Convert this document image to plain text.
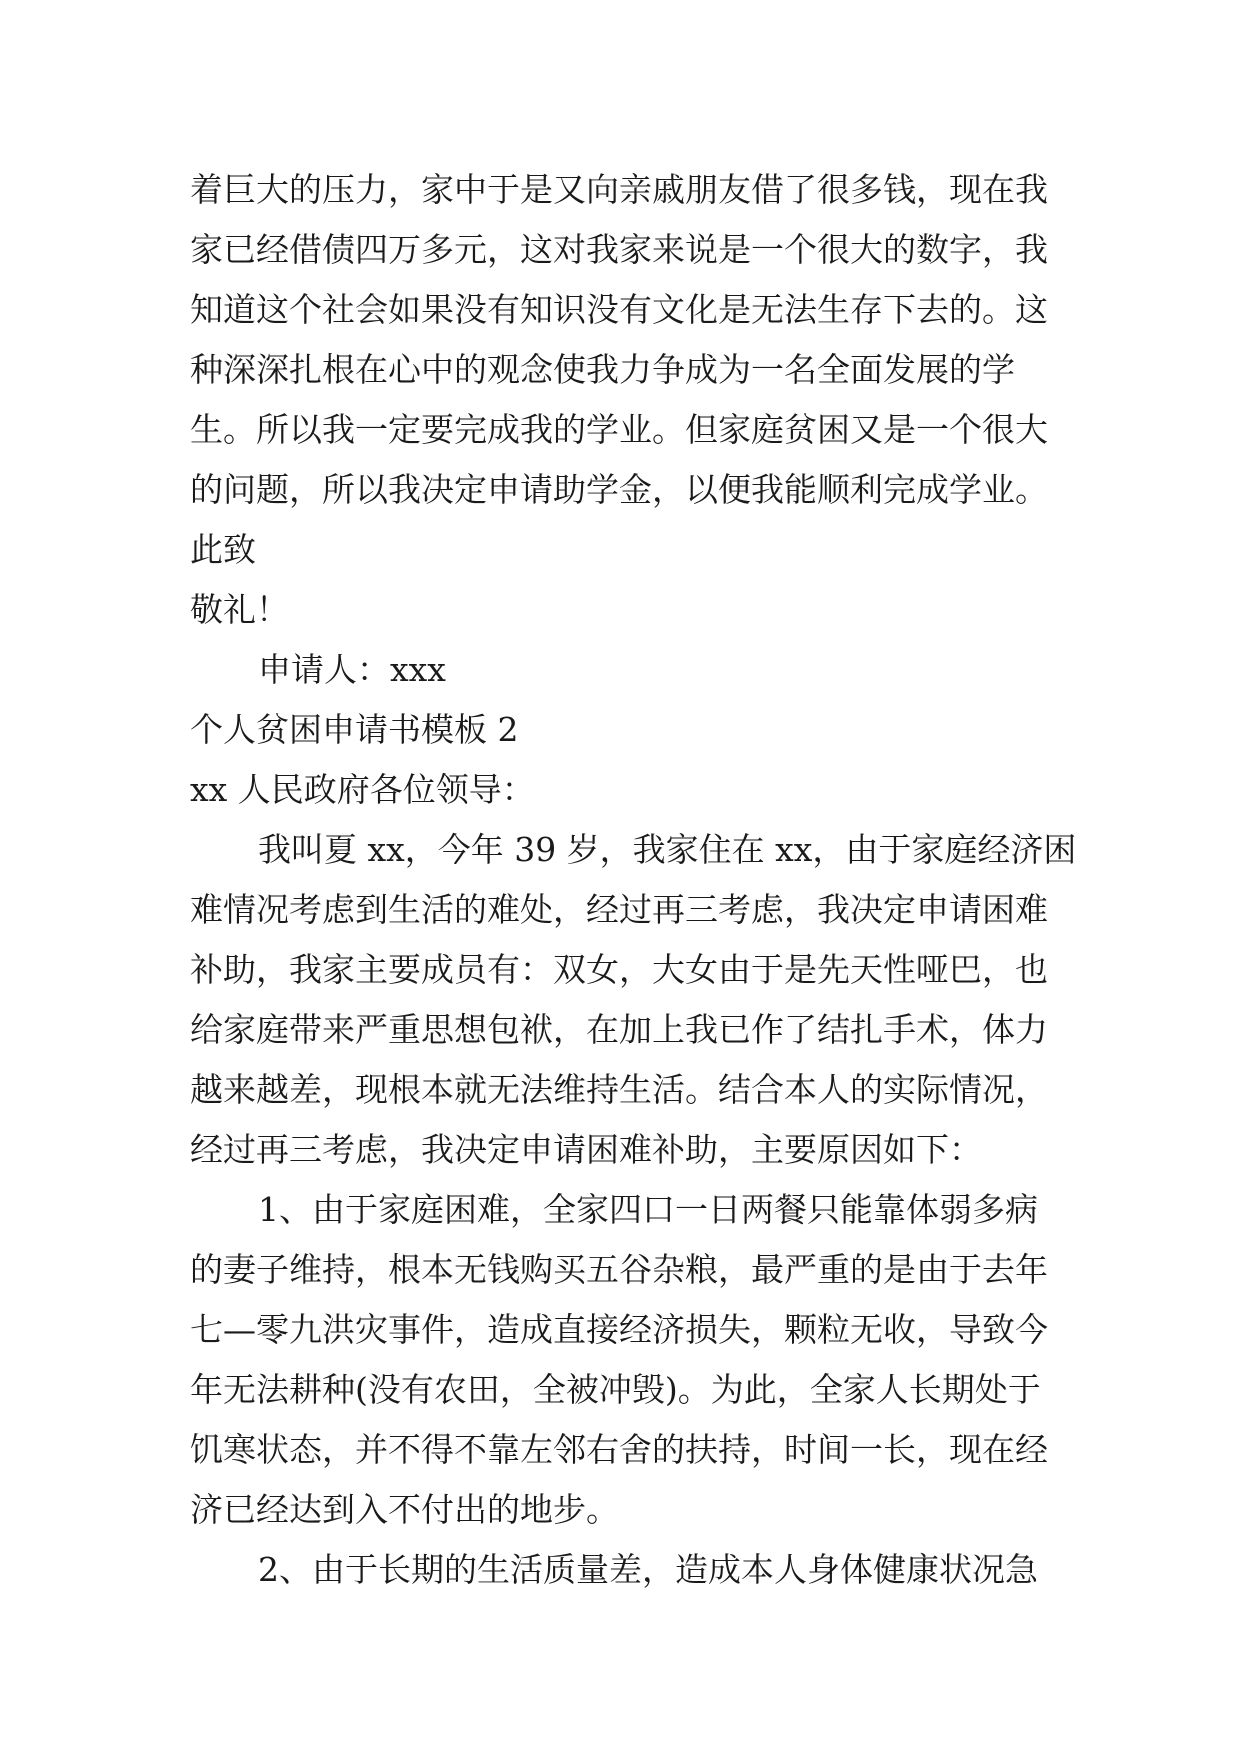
着巨大的压力，家中于是又向亲戚朋友借了很多钱，现在我
家已经借债四万多元，这对我家来说是一个很大的数字，我
知道这个社会如果没有知识没有文化是无法生存下去的。这
种深深扎根在心中的观念使我力争成为一名全面发展的学
生。所以我一定要完成我的学业。但家庭贫困又是一个很大
的问题，所以我决定申请助学金，以便我能顺利完成学业。
此致
敬礼！
申请人：xxx
个人贫困申请书模板 2
xx 人民政府各位领导：
我叫夏 xx，今年 39 岁，我家住在 xx，由于家庭经济困
难情况考虑到生活的难处，经过再三考虑，我决定申请困难
补助，我家主要成员有：双女，大女由于是先天性哑巴，也
给家庭带来严重思想包袱，在加上我已作了结扎手术，体力
越来越差，现根本就无法维持生活。结合本人的实际情况，
经过再三考虑，我决定申请困难补助，主要原因如下：
1、由于家庭困难，全家四口一日两餐只能靠体弱多病
的妻子维持，根本无钱购买五谷杂粮，最严重的是由于去年
七—零九洪灾事件，造成直接经济损失，颗粒无收，导致今
年无法耕种(没有农田，全被冲毁)。为此，全家人长期处于
饥寒状态，并不得不靠左邻右舍的扶持，时间一长，现在经
济已经达到入不付出的地步。
2、由于长期的生活质量差，造成本人身体健康状况急
